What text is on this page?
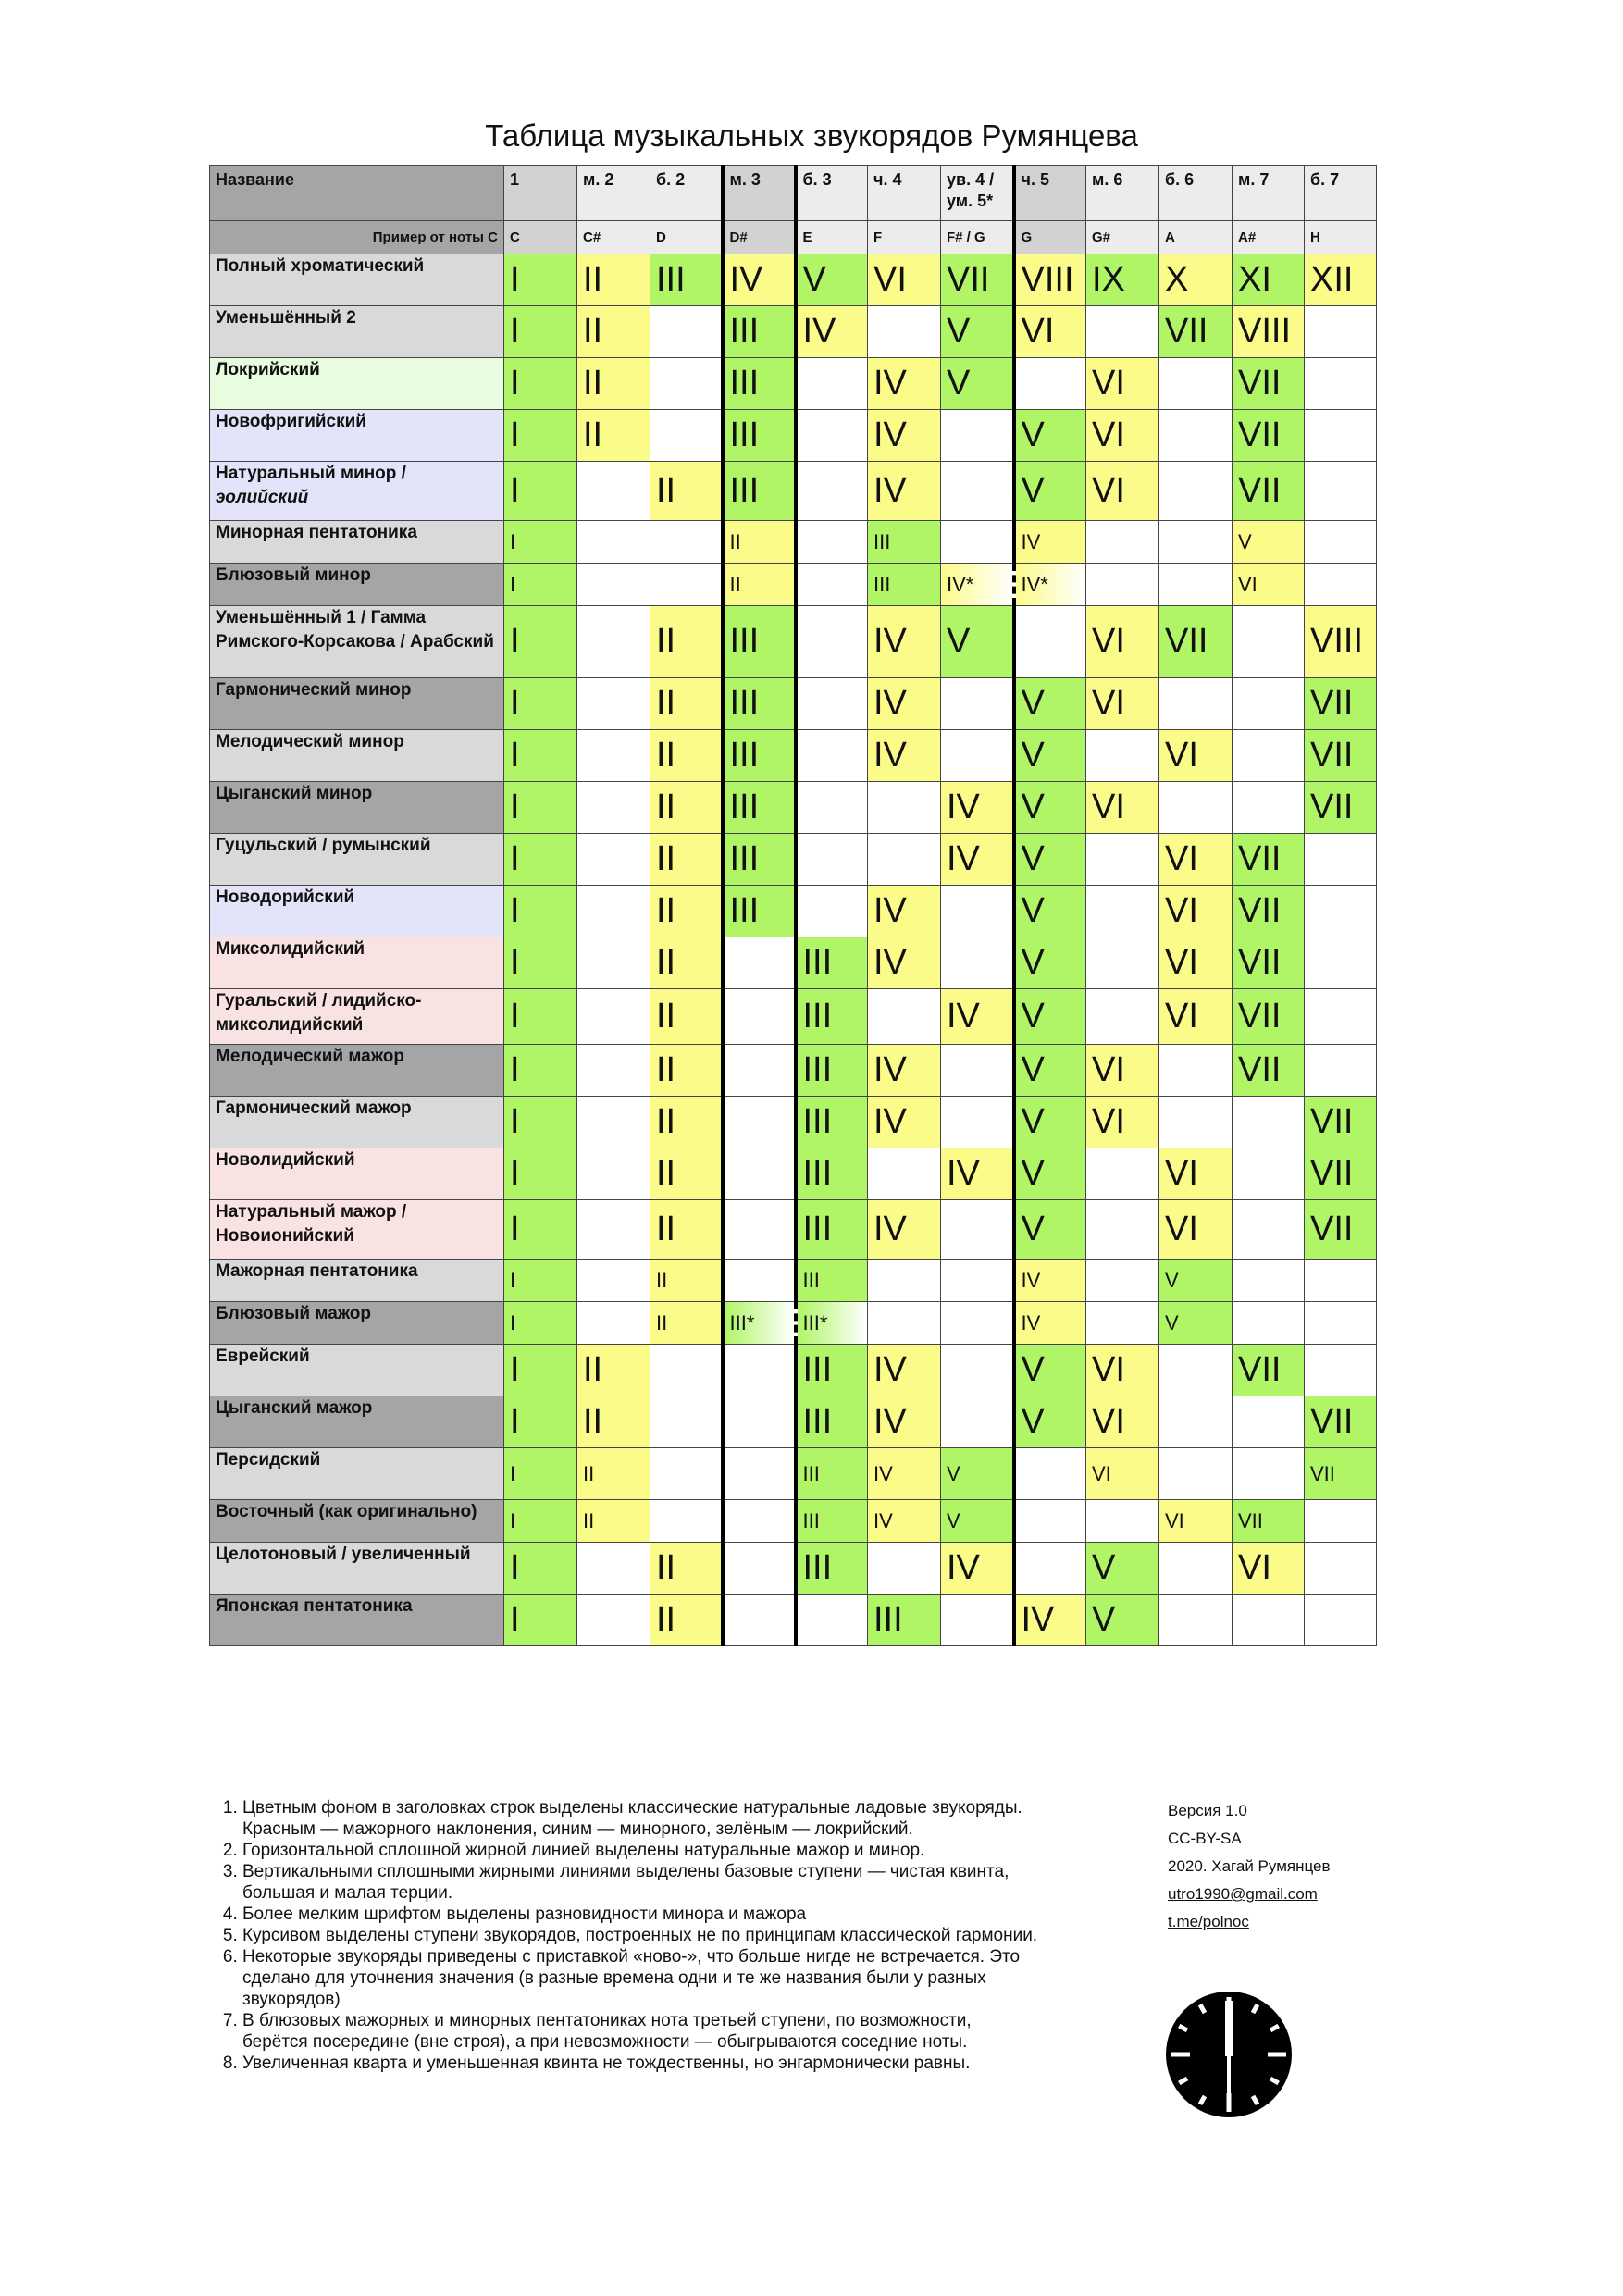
Таблица музыкальных звукорядов Румянцева
Название	1	м. 2	б. 2	м. 3	б. 3	ч. 4	ув. 4 / ум. 5*	ч. 5	м. 6	б. 6	м. 7	б. 7
Пример от ноты С	C	C#	D	D#	E	F	F# / G	G	G#	A	A#	H
Полный хроматический	I	II	III	IV	V	VI	VII	VIII	IX	X	XI	XII
Уменьшённый 2	I	II		III	IV		V	VI		VII	VIII	
Локрийский	I	II		III		IV	V		VI		VII	
Новофригийский	I	II		III		IV		V	VI		VII	
Натуральный минор /
эолийский	I		II	III		IV		V	VI		VII	
Минорная пентатоника	I			II		III		IV			V	
Блюзовый минор	I			II		III	IV*	IV*			VI	
Уменьшённый 1 / Гамма Римского-Корсакова / Арабский	I		II	III		IV	V		VI	VII		VIII
Гармонический минор	I		II	III		IV		V	VI			VII
Мелодический минор	I		II	III		IV		V		VI		VII
Цыганский минор	I		II	III			IV	V	VI			VII
Гуцульский / румынский	I		II	III			IV	V		VI	VII	
Новодорийский	I		II	III		IV		V		VI	VII	
Миксолидийский	I		II		III	IV		V		VI	VII	
Гуральский / лидийско-миксолидийский	I		II		III		IV	V		VI	VII	
Мелодический мажор	I		II		III	IV		V	VI		VII	
Гармонический мажор	I		II		III	IV		V	VI			VII
Новолидийский	I		II		III		IV	V		VI		VII
Натуральный мажор / Новоионийский	I		II		III	IV		V		VI		VII
Мажорная пентатоника	I		II		III			IV		V		
Блюзовый мажор	I		II	III*	III*			IV		V		
Еврейский	I	II			III	IV		V	VI		VII	
Цыганский мажор	I	II			III	IV		V	VI			VII
Персидский	I	II			III	IV	V		VI			VII
Восточный (как оригинально)	I	II			III	IV	V			VI	VII	
Целотоновый / увеличенный	I		II		III		IV		V		VI	
Японская пентатоника	I		II			III		IV	V			
1. Цветным фоном в заголовках строк выделены классические натуральные ладовые звукоряды. Красным — мажорного наклонения, синим — минорного, зелёным — локрийский.
2. Горизонтальной сплошной жирной линией выделены натуральные мажор и минор.
3. Вертикальными сплошными жирными линиями выделены базовые ступени — чистая квинта, большая и малая терции.
4. Более мелким шрифтом выделены разновидности минора и мажора
5. Курсивом выделены ступени звукорядов, построенных не по принципам классической гармонии.
6. Некоторые звукоряды приведены с приставкой «ново-», что больше нигде не встречается. Это сделано для уточнения значения (в разные времена одни и те же названия были у разных звукорядов)
7. В блюзовых мажорных и минорных пентатониках нота третьей ступени, по возможности, берётся посередине (вне строя), а при невозможности — обыгрываются соседние ноты.
8. Увеличенная кварта и уменьшенная квинта не тождественны, но энгармонически равны.
Версия 1.0
CC-BY-SA
2020. Хагай Румянцев
utro1990@gmail.com
t.me/polnoc
